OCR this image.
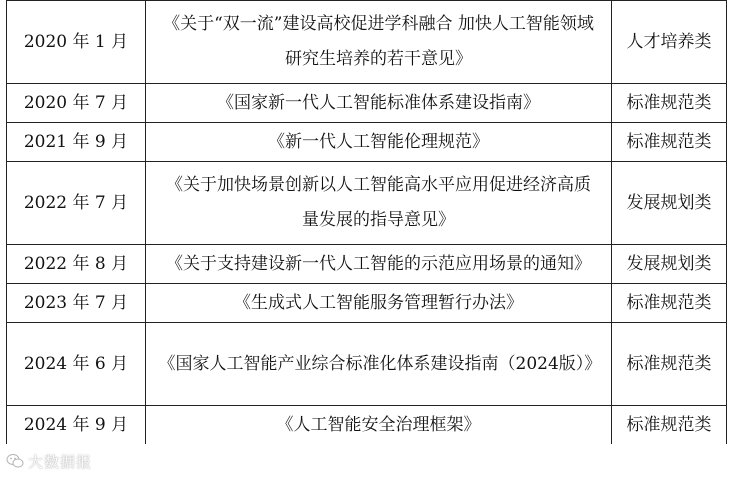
2020 年 1 月	《关于“双一流”建设高校促进学科融合 加快人工智能领域研究生培养的若干意见》	人才培养类
2020 年 7 月	《国家新一代人工智能标准体系建设指南》	标准规范类
2021 年 9 月	《新一代人工智能伦理规范》	标准规范类
2022 年 7 月	《关于加快场景创新以人工智能高水平应用促进经济高质量发展的指导意见》	发展规划类
2022 年 8 月	《关于支持建设新一代人工智能的示范应用场景的通知》	发展规划类
2023 年 7 月	《生成式人工智能服务管理暂行办法》	标准规范类
2024 年 6 月	《国家人工智能产业综合标准化体系建设指南（2024版）》	标准规范类
2024 年 9 月	《人工智能安全治理框架》	标准规范类
大数据报
